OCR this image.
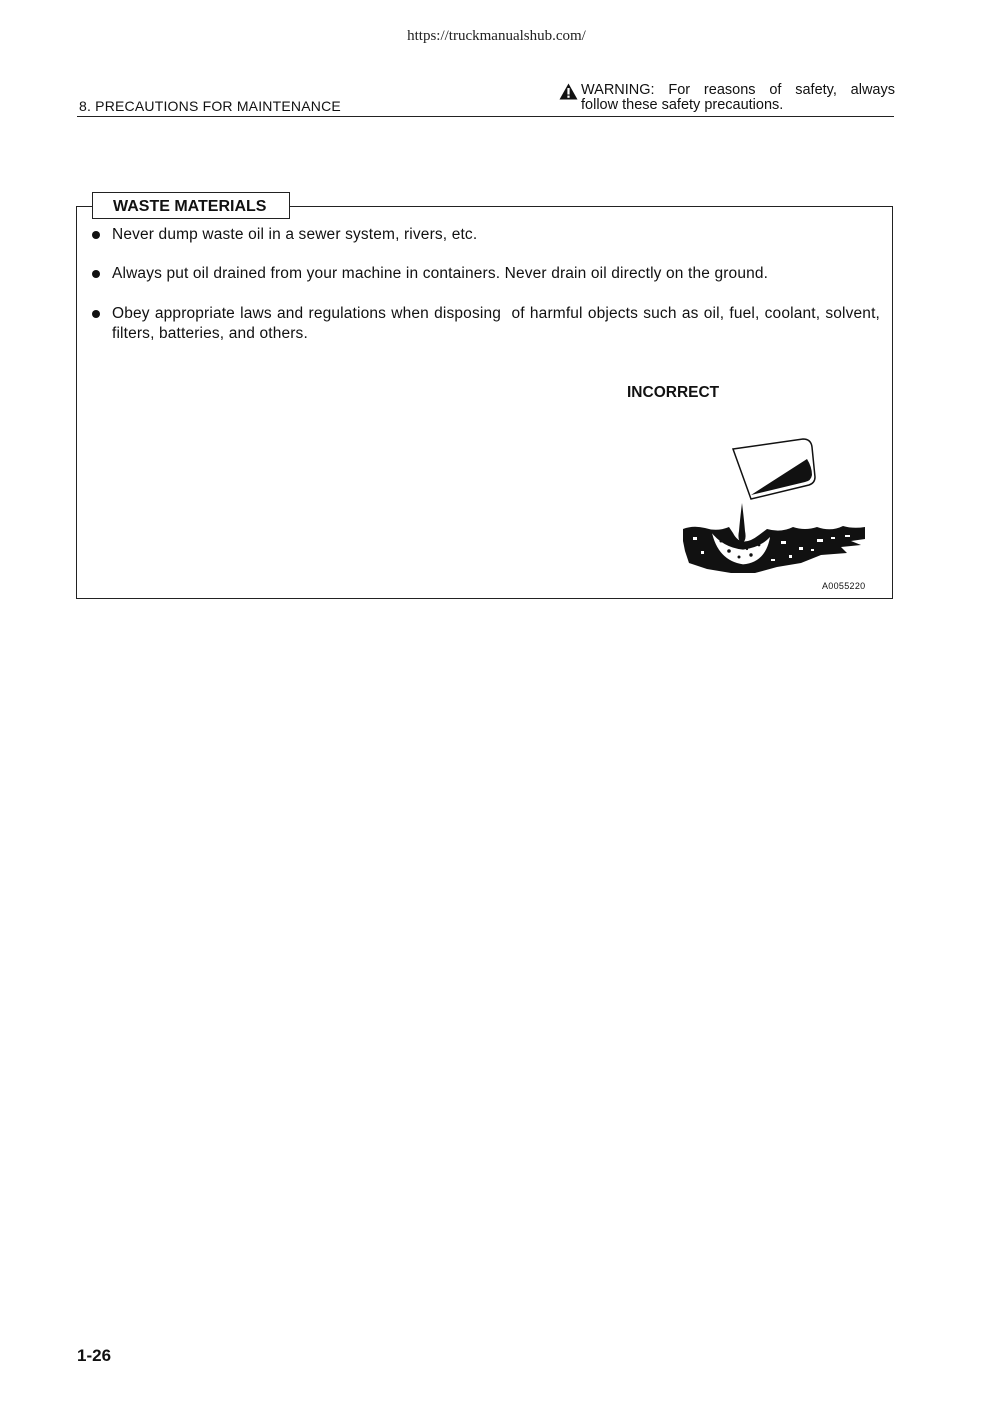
https://truckmanualshub.com/
8. PRECAUTIONS FOR MAINTENANCE
WARNING: For reasons of safety, always
follow these safety precautions.
WASTE MATERIALS
Never dump waste oil in a sewer system, rivers, etc.
Always put oil drained from your machine in containers. Never drain oil directly on the ground.
Obey appropriate laws and regulations when disposing  of harmful objects such as oil, fuel, coolant, solvent, filters, batteries, and others.
INCORRECT
A0055220
1-26
